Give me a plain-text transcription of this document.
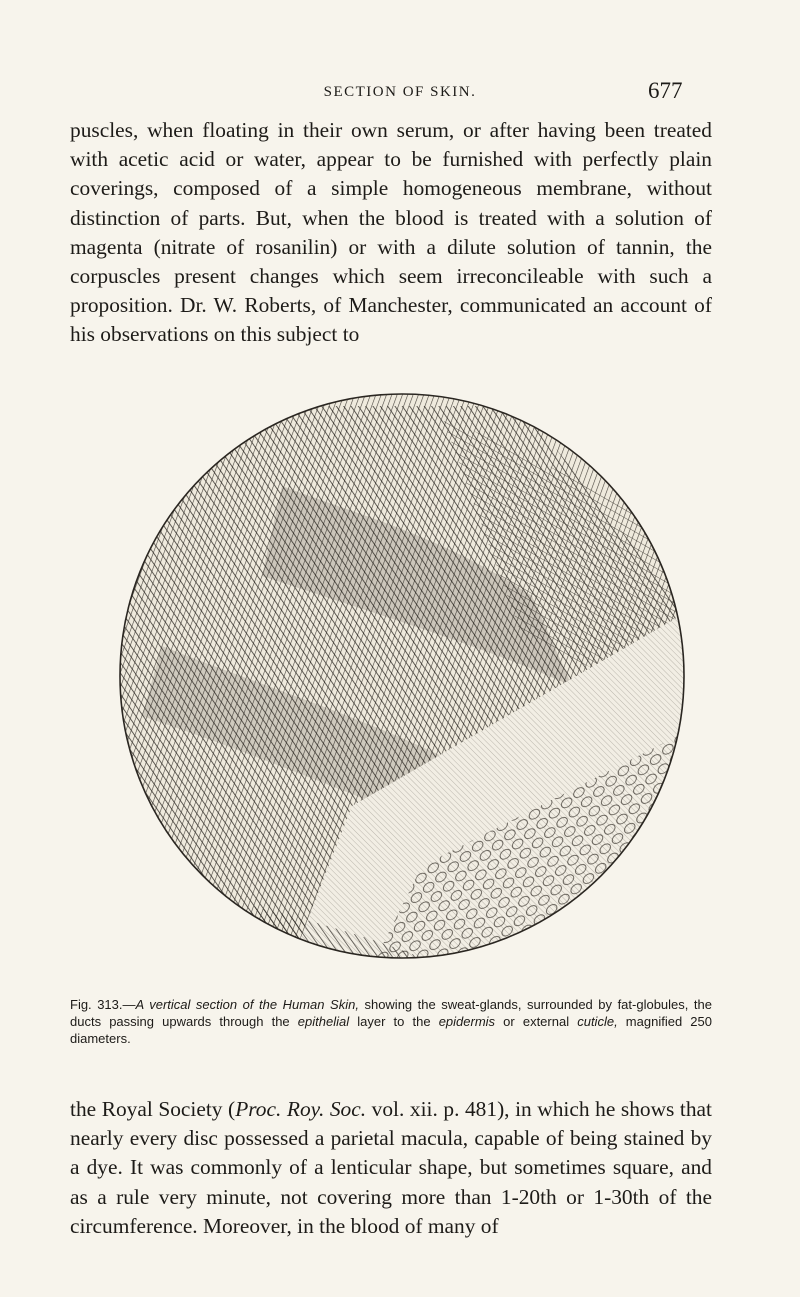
SECTION OF SKIN.	677

puscles, when floating in their own serum, or after having been treated with acetic acid or water, appear to be furnished with perfectly plain coverings, composed of a simple homogeneous membrane, without distinction of parts. But, when the blood is treated with a solution of magenta (nitrate of rosanilin) or with a dilute solution of tannin, the corpuscles present changes which seem irreconcileable with such a proposition. Dr. W. Roberts, of Manchester, communicated an account of his observations on this subject to

Fig. 313.—A vertical section of the Human Skin, showing the sweat-glands, surrounded by fat-globules, the ducts passing upwards through the epithelial layer to the epidermis or external cuticle, magnified 250 diameters.

the Royal Society (Proc. Roy. Soc. vol. xii. p. 481), in which he shows that nearly every disc possessed a parietal macula, capable of being stained by a dye. It was commonly of a lenticular shape, but sometimes square, and as a rule very minute, not covering more than 1-20th or 1-30th of the circumference. Moreover, in the blood of many of
